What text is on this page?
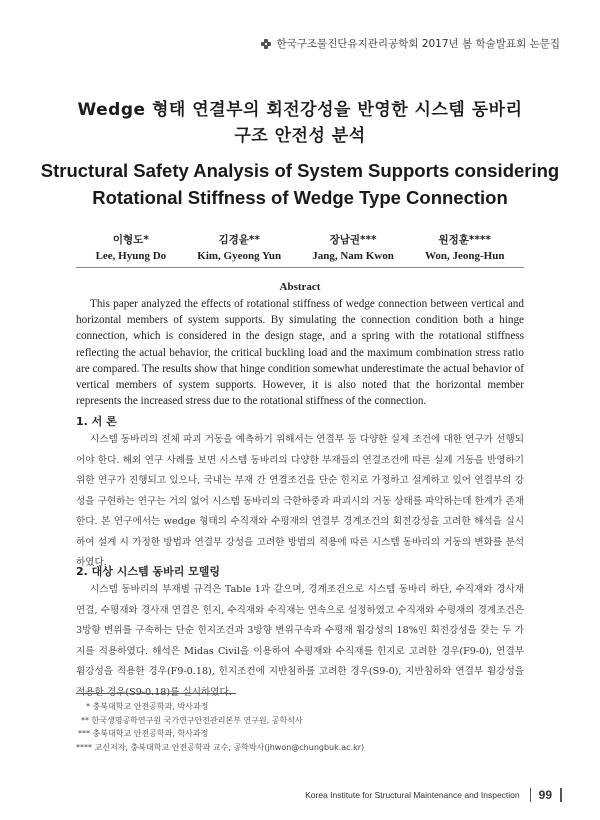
한국구조물진단유지관리공학회 2017년 봄 학술발표회 논문집
Wedge 형태 연결부의 회전강성을 반영한 시스템 동바리
구조 안전성 분석
Structural Safety Analysis of System Supports considering
Rotational Stiffness of Wedge Type Connection
이형도*
Lee, Hyung Do
김경윤**
Kim, Gyeong Yun
장남권***
Jang, Nam Kwon
원정훈****
Won, Jeong-Hun
Abstract
This paper analyzed the effects of rotational stiffness of wedge connection between vertical and horizontal members of system supports. By simulating the connection condition both a hinge connection, which is considered in the design stage, and a spring with the rotational stiffness reflecting the actual behavior, the critical buckling load and the maximum combination stress ratio are compared. The results show that hinge condition somewhat underestimate the actual behavior of vertical members of system supports. However, it is also noted that the horizontal member represents the increased stress due to the rotational stiffness of the connection.
1. 서 론
시스템 동바리의 전체 파괴 거동을 예측하기 위해서는 연결부 등 다양한 실제 조건에 대한 연구가 선행되어야 한다. 해외 연구 사례를 보면 시스템 동바리의 다양한 부재들의 연결조건에 따른 실제 거동을 반영하기 위한 연구가 진행되고 있으나, 국내는 부재 간 연결조건을 단순 힌지로 가정하고 설계하고 있어 연결부의 강성을 구현하는 연구는 거의 없어 시스템 동바리의 극한하중과 파괴시의 거동 상태를 파악하는데 한계가 존재한다. 본 연구에서는 wedge 형태의 수직재와 수평재의 연결부 경계조건의 회전강성을 고려한 해석을 실시하여 설계 시 가정한 방법과 연결부 강성을 고려한 방법의 적용에 따른 시스템 동바리의 거동의 변화를 분석하였다.
2. 대상 시스템 동바리 모델링
시스템 동바리의 부재별 규격은 Table 1과 같으며, 경계조건으로 시스템 동바리 하단, 수직재와 경사재 연결, 수평재와 경사재 연결은 힌지, 수직재와 수직재는 연속으로 설정하였고 수직재와 수평재의 경계조건은 3방향 변위를 구속하는 단순 힌지조건과 3방향 변위구속과 수평재 휨강성의 18%인 회전강성을 갖는 두 가지를 적용하였다. 해석은 Midas Civil을 이용하여 수평재와 수직재를 힌지로 고려한 경우(F9-0), 연결부 휨강성을 적용한 경우(F9-0.18), 힌지조건에 지반침하를 고려한 경우(S9-0), 지반침하와 연결부 휨강성을 적용한 경우(S9-0.18)를 실시하였다.
* 충북대학교 안전공학과, 박사과정
** 한국생명공학연구원 국가연구안전관리본부 연구원, 공학석사
*** 충북대학교 안전공학과, 학사과정
**** 교신저자, 충북대학교 안전공학과 교수, 공학박사(jhwon@chungbuk.ac.kr)
Korea Institute for Structural Maintenance and Inspection	99
